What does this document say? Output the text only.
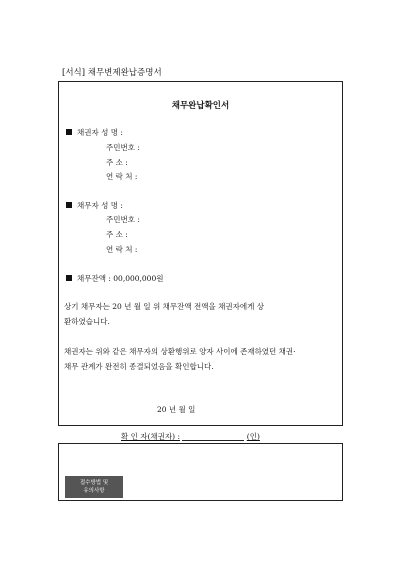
[서식] 채무변제완납증명서
채무완납확인서
채권자 성 명 :
주민번호 :
주 소 :
연 락 처 :
채무자 성 명 :
주민번호 :
주 소 :
연 락 처 :
채무잔액 : 00,000,000원

상기 채무자는 20 년 월 일 위 채무잔액 전액을 채권자에게 상

환하였습니다.

채권자는 위와 같은 채무자의 상환행위로 양자 사이에 존재하였던 채권·

채무 관계가 완전히 종결되었음을 확인합니다.

20 년 월 일
확 인 자(채권자) :	(인)
접수방법 및
유의사항
